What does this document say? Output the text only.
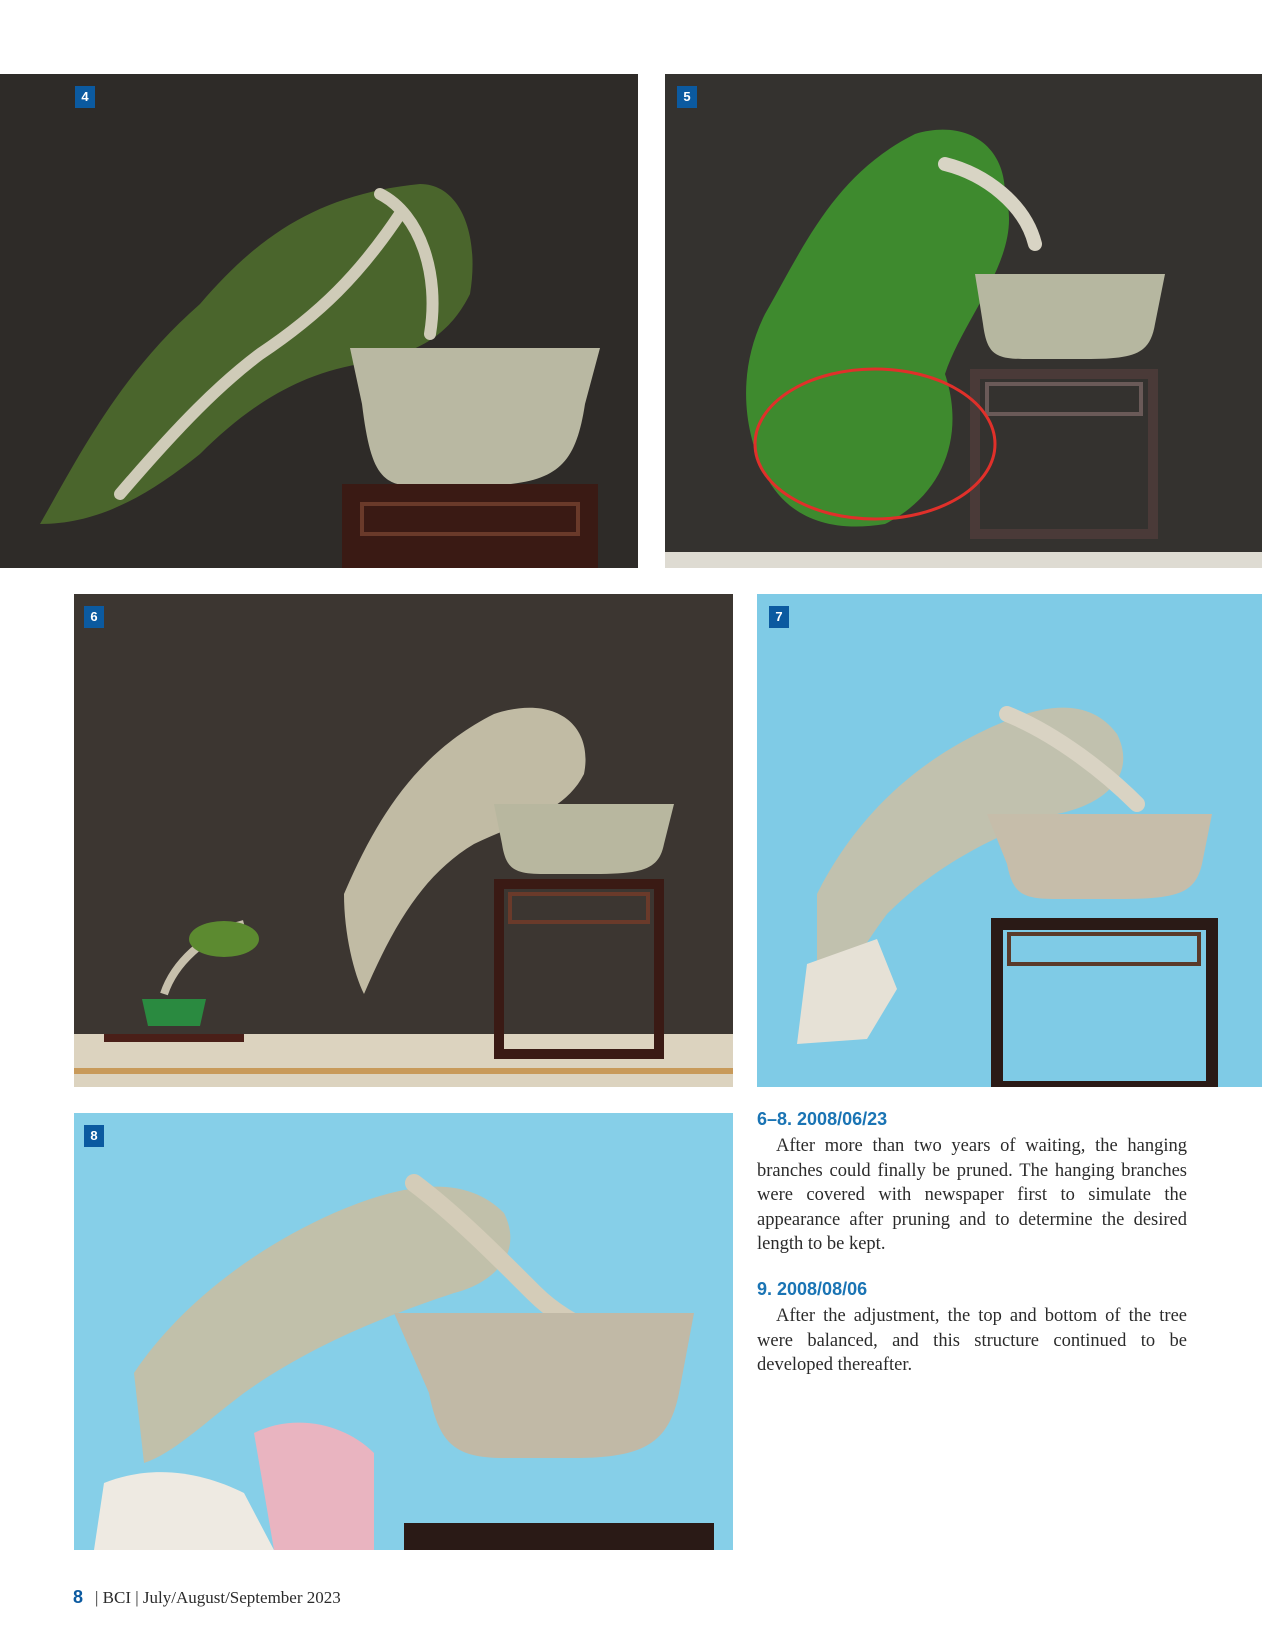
4	5
6	7
8
6–8. 2008/06/23

After more than two years of waiting, the hanging branches could finally be pruned. The hanging branches were covered with newspaper first to simulate the appearance after pruning and to determine the desired length to be kept.

9. 2008/08/06

After the adjustment, the top and bottom of the tree were balanced, and this structure continued to be developed thereafter.

8 | BCI | July/August/September 2023
